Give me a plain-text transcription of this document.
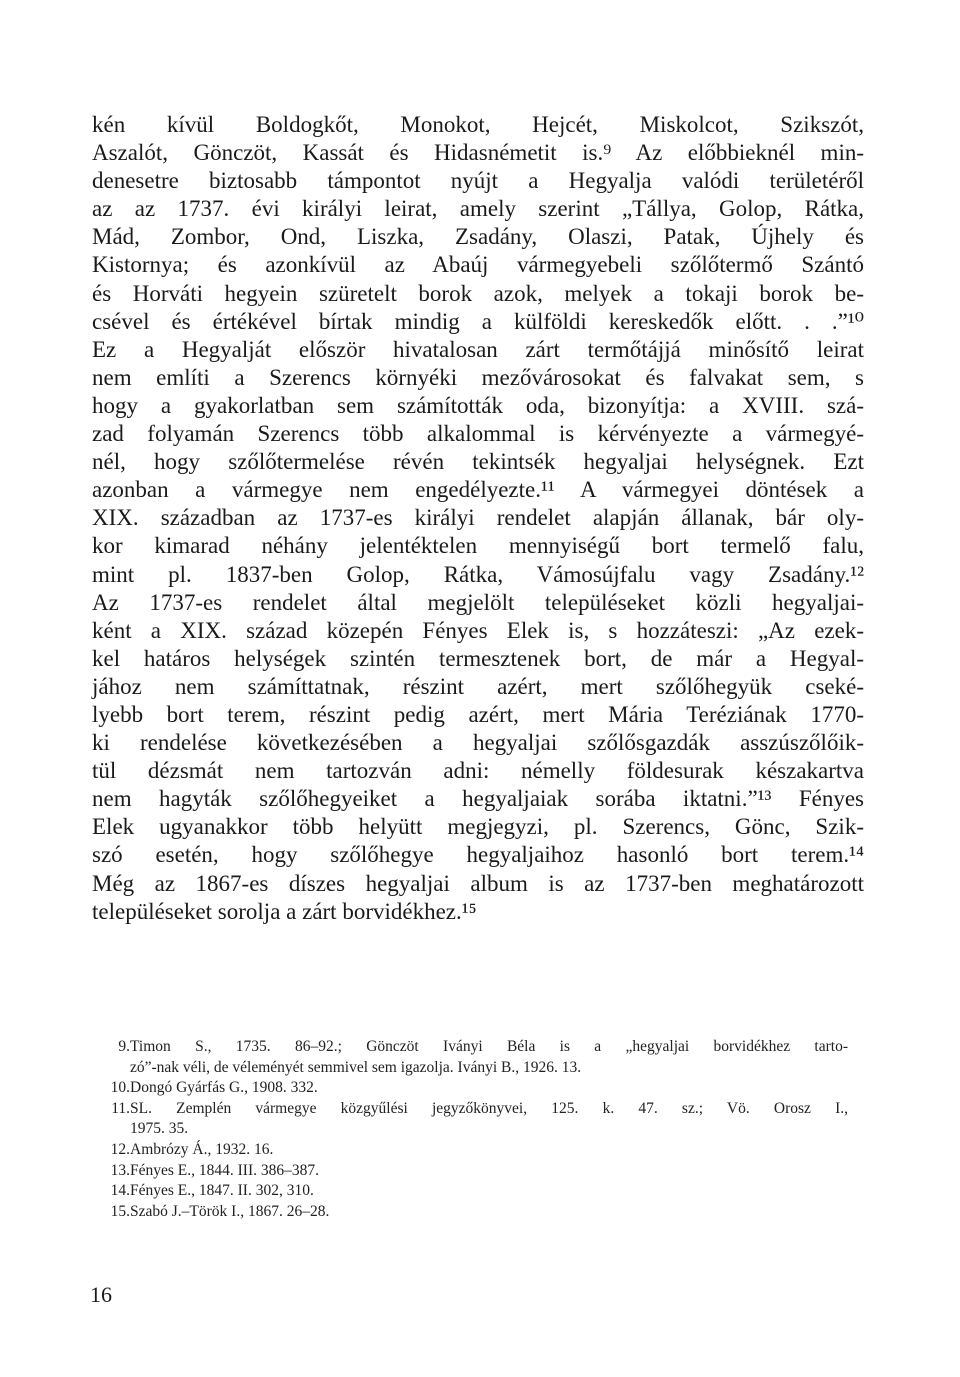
kén kívül Boldogkőt, Monokot, Hejcét, Miskolcot, Szikszót,
Aszalót, Gönczöt, Kassát és Hidasnémetit is.⁹ Az előbbieknél min-
denesetre biztosabb támpontot nyújt a Hegyalja valódi területéről
az az 1737. évi királyi leirat, amely szerint „Tállya, Golop, Rátka,
Mád, Zombor, Ond, Liszka, Zsadány, Olaszi, Patak, Újhely és
Kistornya; és azonkívül az Abaúj vármegyebeli szőlőtermő Szántó
és Horváti hegyein szüretelt borok azok, melyek a tokaji borok be-
csével és értékével bírtak mindig a külföldi kereskedők előtt. . .”¹⁰
Ez a Hegyalját először hivatalosan zárt termőtájjá minősítő leirat
nem említi a Szerencs környéki mezővárosokat és falvakat sem, s
hogy a gyakorlatban sem számították oda, bizonyítja: a XVIII. szá-
zad folyamán Szerencs több alkalommal is kérvényezte a vármegyé-
nél, hogy szőlőtermelése révén tekintsék hegyaljai helységnek. Ezt
azonban a vármegye nem engedélyezte.¹¹ A vármegyei döntések a
XIX. században az 1737-es királyi rendelet alapján állanak, bár oly-
kor kimarad néhány jelentéktelen mennyiségű bort termelő falu,
mint pl. 1837-ben Golop, Rátka, Vámosújfalu vagy Zsadány.¹²
Az 1737-es rendelet által megjelölt településeket közli hegyaljai-
ként a XIX. század közepén Fényes Elek is, s hozzáteszi: „Az ezek-
kel határos helységek szintén termesztenek bort, de már a Hegyal-
jához nem számíttatnak, részint azért, mert szőlőhegyük cseké-
lyebb bort terem, részint pedig azért, mert Mária Teréziának 1770-
ki rendelése következésében a hegyaljai szőlősgazdák asszúszőlőik-
tül dézsmát nem tartozván adni: némelly földesurak készakartva
nem hagyták szőlőhegyeiket a hegyaljaiak sorába iktatni.”¹³ Fényes
Elek ugyanakkor több helyütt megjegyzi, pl. Szerencs, Gönc, Szik-
szó esetén, hogy szőlőhegye hegyaljaihoz hasonló bort terem.¹⁴
Még az 1867-es díszes hegyaljai album is az 1737-ben meghatározott
településeket sorolja a zárt borvidékhez.¹⁵
9. Timon S., 1735. 86–92.; Gönczöt Iványi Béla is a „hegyaljai borvidékhez tarto-
zó”-nak véli, de véleményét semmivel sem igazolja. Iványi B., 1926. 13.
10. Dongó Gyárfás G., 1908. 332.
11. SL. Zemplén vármegye közgyűlési jegyzőkönyvei, 125. k. 47. sz.; Vö. Orosz I.,
1975. 35.
12. Ambrózy Á., 1932. 16.
13. Fényes E., 1844. III. 386–387.
14. Fényes E., 1847. II. 302, 310.
15. Szabó J.–Török I., 1867. 26–28.
16
